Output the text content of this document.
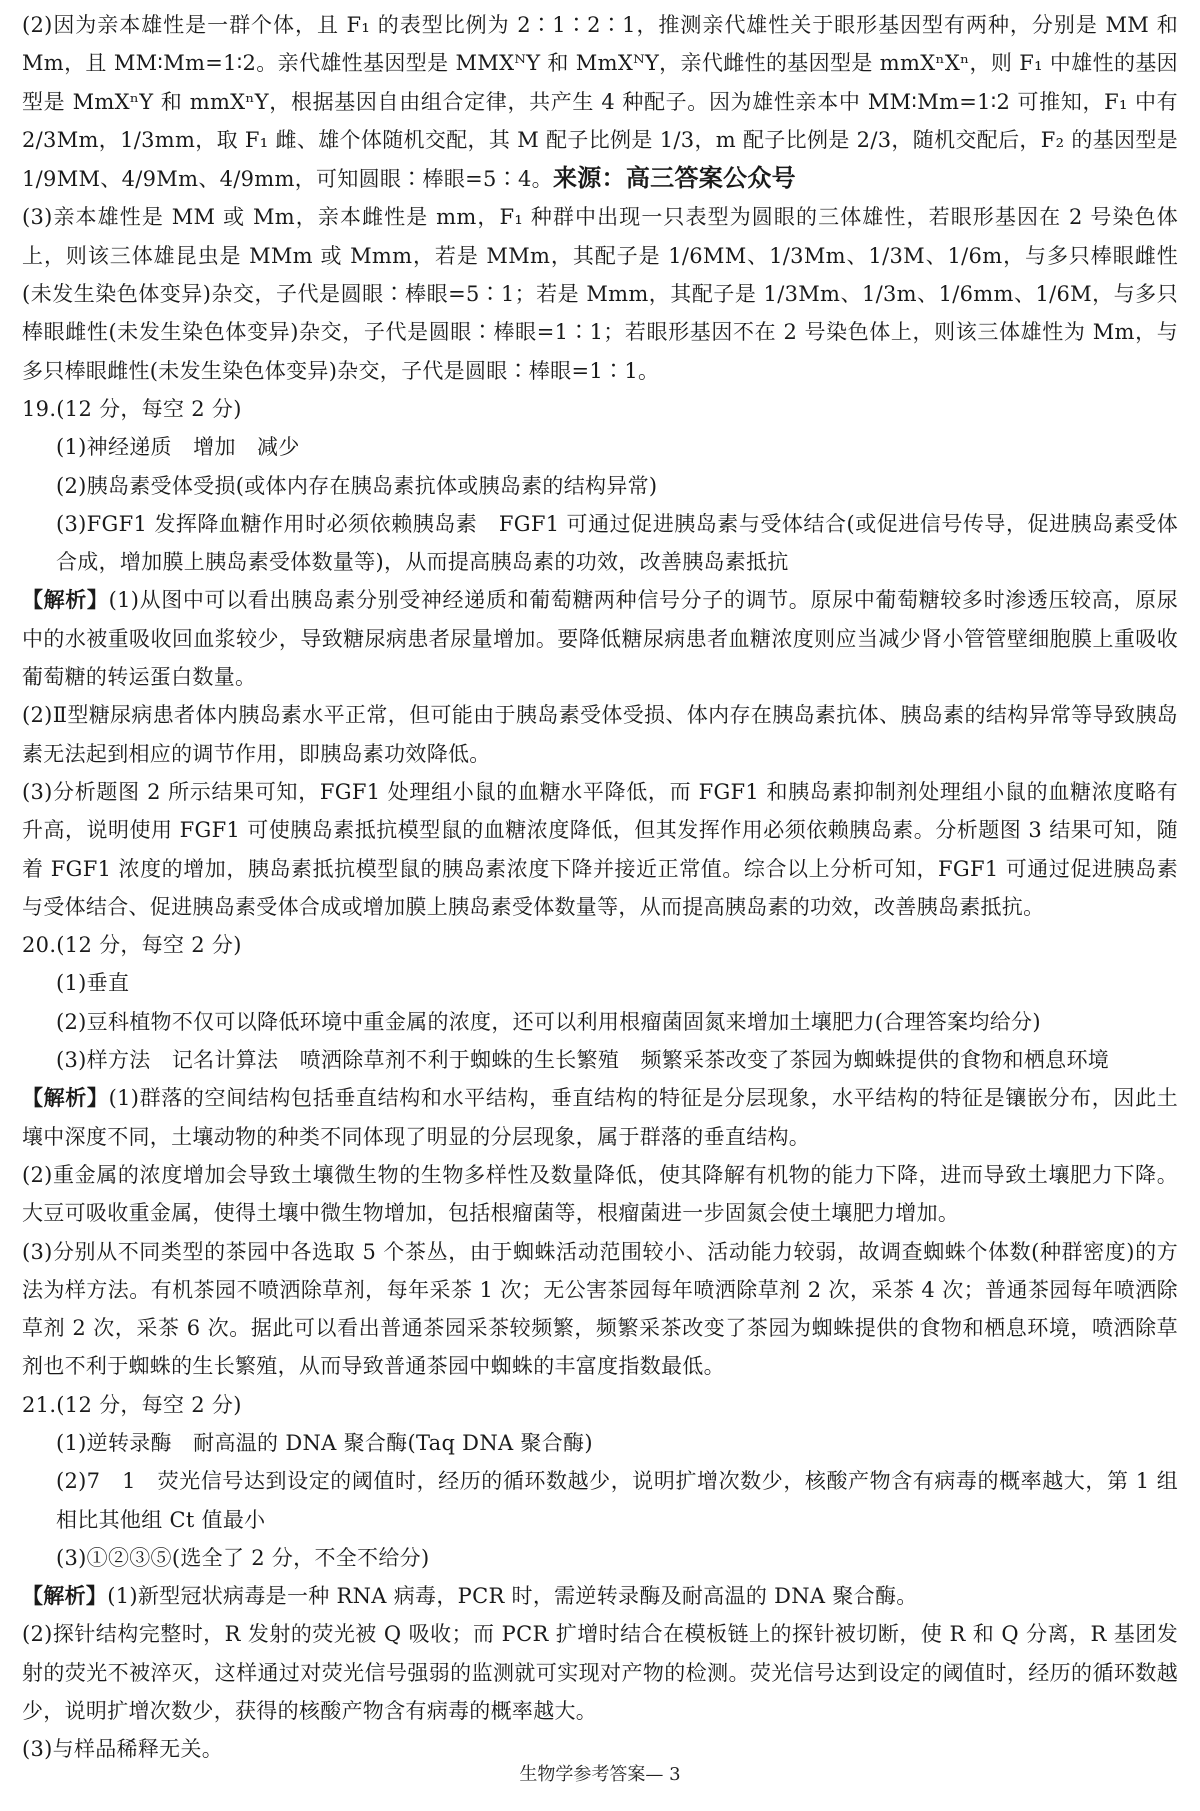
(2)因为亲本雄性是一群个体，且 F₁ 的表型比例为 2∶1∶2∶1，推测亲代雄性关于眼形基因型有两种，分别是 MM 和 Mm，且 MM∶Mm=1∶2。亲代雄性基因型是 MMXᴺY 和 MmXᴺY，亲代雌性的基因型是 mmXⁿXⁿ，则 F₁ 中雄性的基因型是 MmXⁿY 和 mmXⁿY，根据基因自由组合定律，共产生 4 种配子。因为雄性亲本中 MM∶Mm=1∶2 可推知，F₁ 中有 2/3Mm，1/3mm，取 F₁ 雌、雄个体随机交配，其 M 配子比例是 1/3，m 配子比例是 2/3，随机交配后，F₂ 的基因型是 1/9MM、4/9Mm、4/9mm，可知圆眼∶棒眼=5∶4。来源：高三答案公众号

(3)亲本雄性是 MM 或 Mm，亲本雌性是 mm，F₁ 种群中出现一只表型为圆眼的三体雄性，若眼形基因在 2 号染色体上，则该三体雄昆虫是 MMm 或 Mmm，若是 MMm，其配子是 1/6MM、1/3Mm、1/3M、1/6m，与多只棒眼雌性(未发生染色体变异)杂交，子代是圆眼∶棒眼=5∶1；若是 Mmm，其配子是 1/3Mm、1/3m、1/6mm、1/6M，与多只棒眼雌性(未发生染色体变异)杂交，子代是圆眼∶棒眼=1∶1；若眼形基因不在 2 号染色体上，则该三体雄性为 Mm，与多只棒眼雌性(未发生染色体变异)杂交，子代是圆眼∶棒眼=1∶1。

19.(12 分，每空 2 分)

(1)神经递质　增加　减少

(2)胰岛素受体受损(或体内存在胰岛素抗体或胰岛素的结构异常)

(3)FGF1 发挥降血糖作用时必须依赖胰岛素　FGF1 可通过促进胰岛素与受体结合(或促进信号传导，促进胰岛素受体合成，增加膜上胰岛素受体数量等)，从而提高胰岛素的功效，改善胰岛素抵抗

【解析】(1)从图中可以看出胰岛素分别受神经递质和葡萄糖两种信号分子的调节。原尿中葡萄糖较多时渗透压较高，原尿中的水被重吸收回血浆较少，导致糖尿病患者尿量增加。要降低糖尿病患者血糖浓度则应当减少肾小管管壁细胞膜上重吸收葡萄糖的转运蛋白数量。

(2)Ⅱ型糖尿病患者体内胰岛素水平正常，但可能由于胰岛素受体受损、体内存在胰岛素抗体、胰岛素的结构异常等导致胰岛素无法起到相应的调节作用，即胰岛素功效降低。

(3)分析题图 2 所示结果可知，FGF1 处理组小鼠的血糖水平降低，而 FGF1 和胰岛素抑制剂处理组小鼠的血糖浓度略有升高，说明使用 FGF1 可使胰岛素抵抗模型鼠的血糖浓度降低，但其发挥作用必须依赖胰岛素。分析题图 3 结果可知，随着 FGF1 浓度的增加，胰岛素抵抗模型鼠的胰岛素浓度下降并接近正常值。综合以上分析可知，FGF1 可通过促进胰岛素与受体结合、促进胰岛素受体合成或增加膜上胰岛素受体数量等，从而提高胰岛素的功效，改善胰岛素抵抗。

20.(12 分，每空 2 分)

(1)垂直

(2)豆科植物不仅可以降低环境中重金属的浓度，还可以利用根瘤菌固氮来增加土壤肥力(合理答案均给分)

(3)样方法　记名计算法　喷洒除草剂不利于蜘蛛的生长繁殖　频繁采茶改变了茶园为蜘蛛提供的食物和栖息环境

【解析】(1)群落的空间结构包括垂直结构和水平结构，垂直结构的特征是分层现象，水平结构的特征是镶嵌分布，因此土壤中深度不同，土壤动物的种类不同体现了明显的分层现象，属于群落的垂直结构。

(2)重金属的浓度增加会导致土壤微生物的生物多样性及数量降低，使其降解有机物的能力下降，进而导致土壤肥力下降。大豆可吸收重金属，使得土壤中微生物增加，包括根瘤菌等，根瘤菌进一步固氮会使土壤肥力增加。

(3)分别从不同类型的茶园中各选取 5 个茶丛，由于蜘蛛活动范围较小、活动能力较弱，故调查蜘蛛个体数(种群密度)的方法为样方法。有机茶园不喷洒除草剂，每年采茶 1 次；无公害茶园每年喷洒除草剂 2 次，采茶 4 次；普通茶园每年喷洒除草剂 2 次，采茶 6 次。据此可以看出普通茶园采茶较频繁，频繁采茶改变了茶园为蜘蛛提供的食物和栖息环境，喷洒除草剂也不利于蜘蛛的生长繁殖，从而导致普通茶园中蜘蛛的丰富度指数最低。

21.(12 分，每空 2 分)

(1)逆转录酶　耐高温的 DNA 聚合酶(Taq DNA 聚合酶)

(2)7　1　荧光信号达到设定的阈值时，经历的循环数越少，说明扩增次数少，核酸产物含有病毒的概率越大，第 1 组相比其他组 Ct 值最小

(3)①②③⑤(选全了 2 分，不全不给分)

【解析】(1)新型冠状病毒是一种 RNA 病毒，PCR 时，需逆转录酶及耐高温的 DNA 聚合酶。

(2)探针结构完整时，R 发射的荧光被 Q 吸收；而 PCR 扩增时结合在模板链上的探针被切断，使 R 和 Q 分离，R 基团发射的荧光不被淬灭，这样通过对荧光信号强弱的监测就可实现对产物的检测。荧光信号达到设定的阈值时，经历的循环数越少，说明扩增次数少，获得的核酸产物含有病毒的概率越大。

(3)与样品稀释无关。

生物学参考答案— 3
